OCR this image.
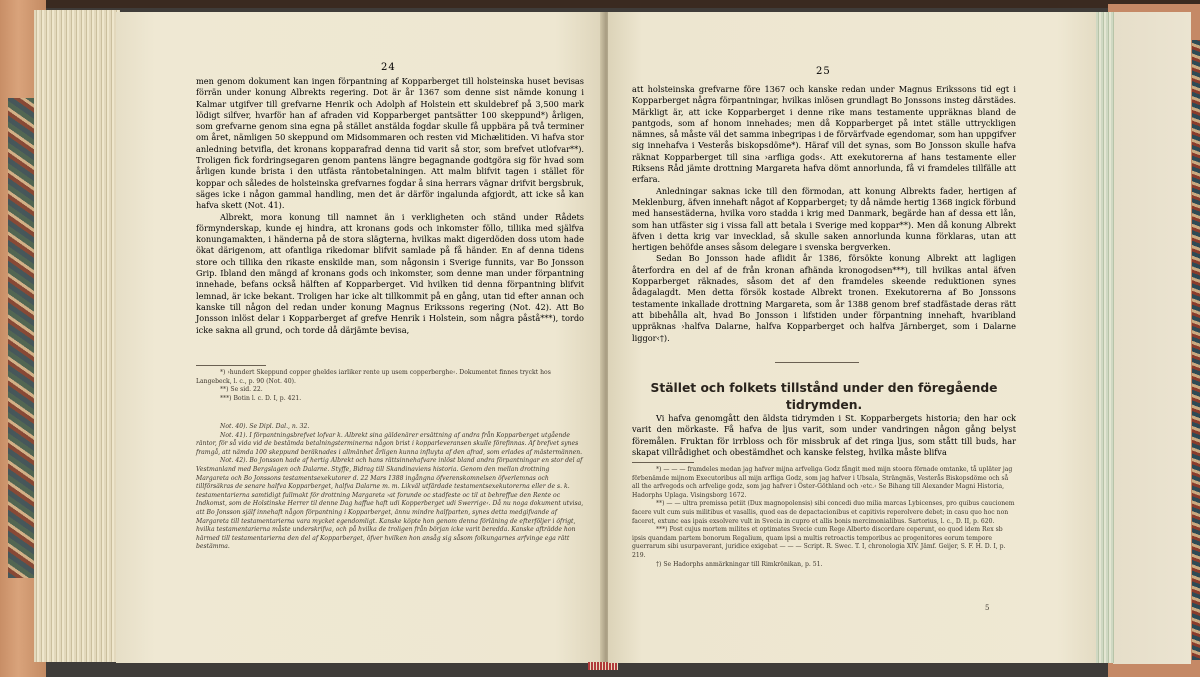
24

men genom dokument kan ingen förpantning af Kopparberget till holsteinska huset bevisas förrän under konung Albrekts regering. Dot är år 1367 som denne sist nämde konung i Kalmar utgifver till grefvarne Henrik och Adolph af Holstein ett skuldebref på 3,500 mark lödigt silfver, hvarför han af afraden vid Kopparberget pantsätter 100 skeppund*) årligen, som grefvarne genom sina egna på stället anstälda fogdar skulle få uppbära på två terminer om året, nämligen 50 skeppund om Midsommaren och resten vid Michælitiden. Vi hafva stor anledning betvifla, det kronans kopparafrad denna tid varit så stor, som brefvet utlofvar**). Troligen fick fordringsegaren genom pantens längre begagnande godtgöra sig för hvad som årligen kunde brista i den utfästa räntobetalningen. Att malm blifvit tagen i stället för koppar och således de holsteinska grefvarnes fogdar å sina herrars vägnar drifvit bergsbruk, säges icke i någon gammal handling, men det är därför ingalunda afgjordt, att icke så kan hafva skett (Not. 41).

Albrekt, mora konung till namnet än i verkligheten och ständ under Rådets förmynderskap, kunde ej hindra, att kronans gods och inkomster föllo, tillika med själfva konungamakten, i händerna på de stora slägterna, hvilkas makt digerdöden doss utom hade ökat därigenom, att ofantliga rikedomar blifvit samlade på få händer. En af denna tidens store och tillika den rikaste enskilde man, som någonsin i Sverige funnits, var Bo Jonsson Grip. Ibland den mängd af kronans gods och inkomster, som denne man under förpantning innehade, befans också hälften af Kopparberget. Vid hvilken tid denna förpantning blifvit lemnad, är icke bekant. Troligen har icke alt tillkommit på en gång, utan tid efter annan och kanske till någon del redan under konung Magnus Erikssons regering (Not. 42). Att Bo Jonsson inlöst delar i Kopparberget af grefve Henrik i Holstein, som några påstå***), tordo icke sakna all grund, och torde då därjämte bevisa,

*) ›hundert Skeppund copper gheldes iarliker rente up usem copperberghe‹. Dokumentet finnes tryckt hos Langebeck, l. c., p. 90 (Not. 40).

**) Se sid. 22.

***) Botin l. c. D. I, p. 421.

Not. 40). Se Dipl. Dal., n. 32.

Not. 41). I förpantningsbrefvet lofvar k. Albrekt sina gäldenärer ersättning af andra från Kopparberget utgående räntor, för så vida vid de bestämda betalningsterminerna någon brist i kopparleveransen skulle förefinnas. Af brefvet synes framgå, att nämda 100 skeppund beräknades i allmänhet årligen kunna influyta af den afrad, som erlades af mästermännen.

Not. 42). Bo Jonsson hade af hertig Albrekt och hans rättsinnehafvare inlöst bland andra förpantningar en stor del af Vestmanland med Bergslagen och Dalarne. Styffe, Bidrag till Skandinaviens historia. Genom den mellan drottning Margareta och Bo Jonssons testamentsexekutorer d. 22 Mars 1388 ingångna öfverenskomnelsen öfverlemnas och tillförsäkras de senare halfva Kopparberget, halfva Dalarne m. m. Likväl utfärdade testamentsexekutorerna eller de s. k. testamentarierna samtidigt fullmakt för drottning Margareta ›at forunde oc stadfeste oc til at behreffue den Rente oc Indkomst, som de Holstinske Herrer til denne Dag haffue haft udi Kopperberget udi Swerrige‹. Då nu noga dokument utvisa, att Bo Jonsson själf innehaft någon förpantning i Kopparberget, ännu mindre halfparten, synes detta medgifvande af Margareta till testamentarierna vara mycket egendomligt. Kanske köpte hon genom denna förläning de efterföljer i öfrigt, hvilka testamentarierna måste underskrifva, och på hvilka de troligen från början icke varit beredda. Kanske afträdde hon härmed till testamentarierna den del af Kopparberget, öfver hvilken hon ansåg sig såsom folkungarnes arfvinge ega rätt bestämma.

25

att holsteinska grefvarne före 1367 och kanske redan under Magnus Erikssons tid egt i Kopparberget några förpantningar, hvilkas inlösen grundlagt Bo Jonssons insteg därstädes. Märkligt är, att icke Kopparberget i denne rike mans testamente uppräknas bland de pantgods, som af honom innehades; men då Kopparberget på intet ställe uttryckligen nämnes, så måste väl det samma inbegripas i de förvärfvade egendomar, som han uppgifver sig innehafva i Vesterås biskopsdöme*). Häraf vill det synas, som Bo Jonsson skulle hafva räknat Kopparberget till sina ›arfliga gods‹. Att exekutorerna af hans testamente eller Riksens Råd jämte drottning Margareta hafva dömt annorlunda, få vi framdeles tillfälle att erfara.

Anledningar saknas icke till den förmodan, att konung Albrekts fader, hertigen af Meklenburg, äfven innehaft något af Kopparberget; ty då nämde hertig 1368 ingick förbund med hansestäderna, hvilka voro stadda i krig med Danmark, begärde han af dessa ett lån, som han utfäster sig i vissa fall att betala i Sverige med koppar**). Men då konung Albrekt äfven i detta krig var invecklad, så skulle saken annorlunda kunna förklaras, utan att hertigen behöfde anses såsom delegare i svenska bergverken.

Sedan Bo Jonsson hade aflidit år 1386, försökte konung Albrekt att lagligen återfordra en del af de från kronan afhända kronogodsen***), till hvilkas antal äfven Kopparberget räknades, såsom det af den framdeles skeende reduktionen synes ådagalagdt. Men detta försök kostade Albrekt tronen. Exekutorerna af Bo Jonssons testamente inkallade drottning Margareta, som år 1388 genom bref stadfästade deras rätt att bibehålla alt, hvad Bo Jonsson i lifstiden under förpantning innehaft, hvaribland uppräknas ›halfva Dalarne, halfva Kopparberget och halfva Järnberget, som i Dalarne liggor‹†).

Stället och folkets tillstånd under den föregående
tidrymden.
Vi hafva genomgått den äldsta tidrymden i St. Kopparbergets historia; den har ock varit den mörkaste. Få hafva de ljus varit, som under vandringen någon gång belyst föremålen. Fruktan för irrbloss och för missbruk af det ringa ljus, som stått till buds, har skapat villrådighet och obestämdhet och kanske felsteg, hvilka måste blifva

*) — — — framdeles medan jag hafver mijna arfveliga Godz fångit med mijn stoora förnade omtanke, tå upläter jag förbenämde mijnom Executoribus all mijn arfliga Godz, som jag hafver i Ubsala, Strängnäs, Vesterås Biskopsdöme och så all the arfvegods och arfvelige godz, som jag hafver i Öster-Göthland och ›etc.‹ Se Bihang till Alexander Magni Historia, Hadorphs Uplaga. Visingsborg 1672.

**) — — ultra premissa petiit (Dux magnopolensis) sibi concedi duo milia marcas Lybicenses, pro quibus caucionem facere vult cum suis militibus et vasallis, quod eas de depactacionibus et capitivis reperolvere debet; in casu quo hoc non faceret, extunc eas ipais exsolvere vult in Svecia in cupro et allis bonis mercimonialibus. Sartorius, l. c., D. II, p. 620.

***) Post cujus mortem milites et optimates Svecie cum Rege Alberto discordare ceperunt, eo quod idem Rex sb ipsis quandam partem bonorum Regalium, quam ipsi a multis retroactis temporibus ac progenitores eorum tempore guerrarum sibi usurpaverant, juridice exigebat — — — Script. R. Swec. T. I, chronologia XIV. Jämf. Geijer, S. F. H. D. I, p. 219.

†) Se Hadorphs anmärkningar till Rimkrönikan, p. 51.

5
